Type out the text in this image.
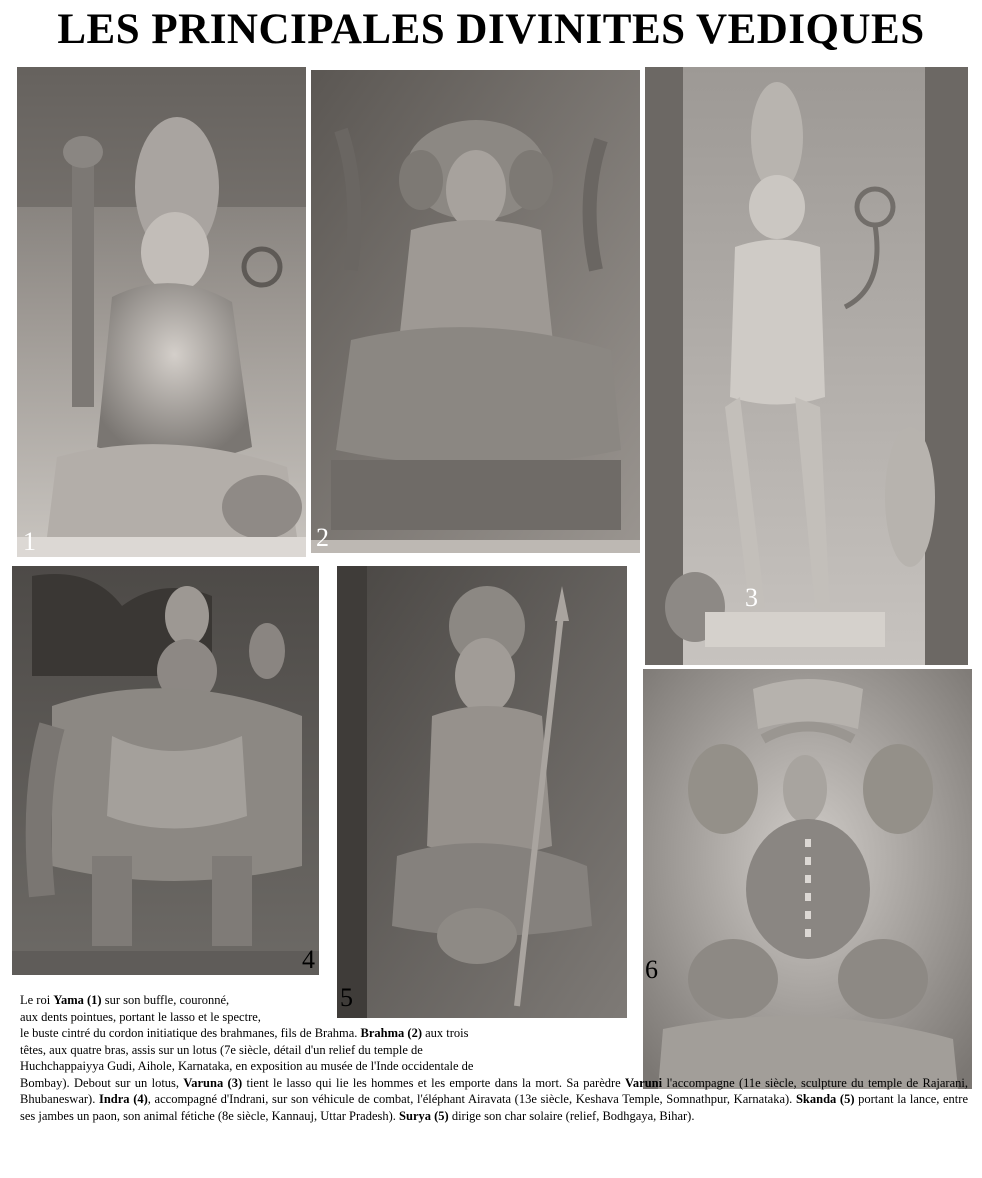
LES PRINCIPALES DIVINITES VEDIQUES
1	2
3
4
5
6

Le roi Yama (1) sur son buffle, couronné,

aux dents pointues, portant le lasso et le spectre,

le buste cintré du cordon initiatique des brahmanes, fils de Brahma. Brahma (2) aux trois

têtes, aux quatre bras, assis sur un lotus (7e siècle, détail d'un relief du temple de

Huchchappaiyya Gudi, Aihole, Karnataka, en exposition au musée de l'Inde occidentale de

Bombay). Debout sur un lotus, Varuna (3) tient le lasso qui lie les hommes et les emporte dans la mort. Sa parèdre Varuni l'accompagne (11e siècle, sculpture du temple de Rajarani, Bhubaneswar). Indra (4), accompagné d'Indrani, sur son véhicule de combat, l'éléphant Airavata (13e siècle, Keshava Temple, Somnathpur, Karnataka). Skanda (5) portant la lance, entre ses jambes un paon, son animal fétiche (8e siècle, Kannauj, Uttar Pradesh). Surya (5) dirige son char solaire (relief, Bodhgaya, Bihar).
